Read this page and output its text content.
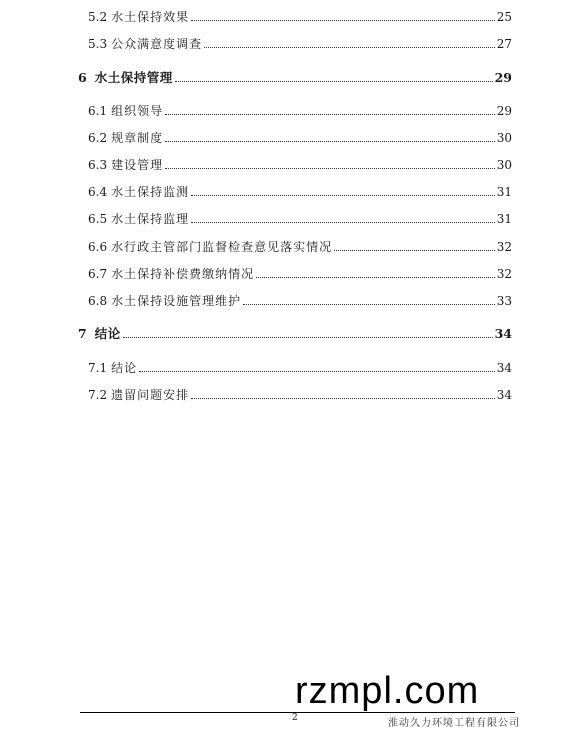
5.2 水土保持效果	25
5.3 公众满意度调查	27
6 水土保持管理	29
6.1 组织领导	29
6.2 规章制度	30
6.3 建设管理	30
6.4 水土保持监测	31
6.5 水土保持监理	31
6.6 水行政主管部门监督检查意见落实情况	32
6.7 水土保持补偿费缴纳情况	32
6.8 水土保持设施管理维护	33
7 结论	34
7.1 结论	34
7.2 遗留问题安排	34
rzmpl.com
2	淮动久力环境工程有限公司
